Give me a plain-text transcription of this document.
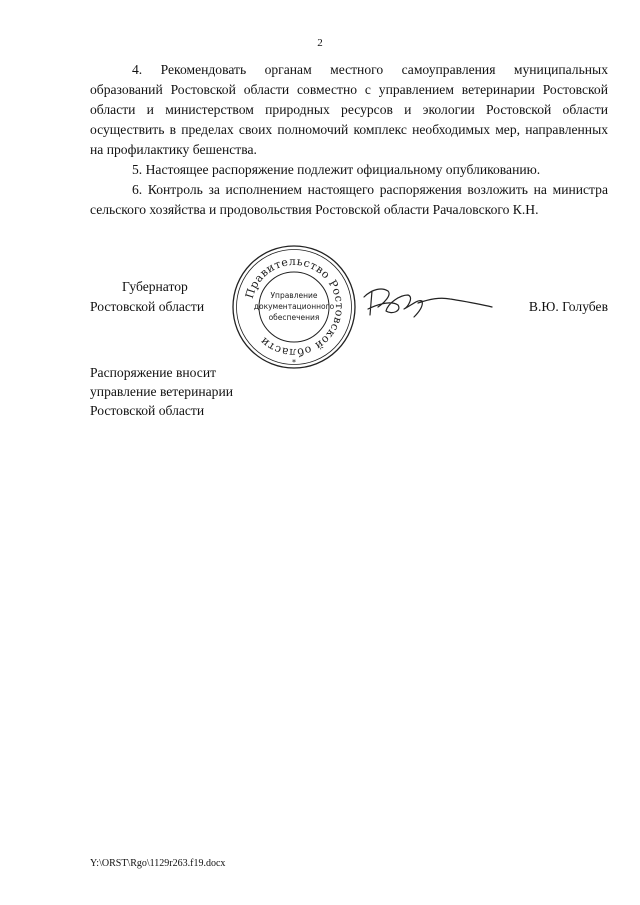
2

4. Рекомендовать органам местного самоуправления муниципальных образований Ростовской области совместно с управлением ветеринарии Ростовской области и министерством природных ресурсов и экологии Ростовской области осуществить в пределах своих полномочий комплекс необходимых мер, направленных на профилактику бешенства.

5. Настоящее распоряжение подлежит официальному опубликованию.

6. Контроль за исполнением настоящего распоряжения возложить на министра сельского хозяйства и продовольствия Ростовской области Рачаловского К.Н.

Губернатор
Ростовской области
Правительство Ростовской области
Управление
документационного
обеспечения
*
В.Ю. Голубев
Распоряжение вносит
управление ветеринарии
Ростовской области
Y:\ORST\Rgo\1129r263.f19.docx
